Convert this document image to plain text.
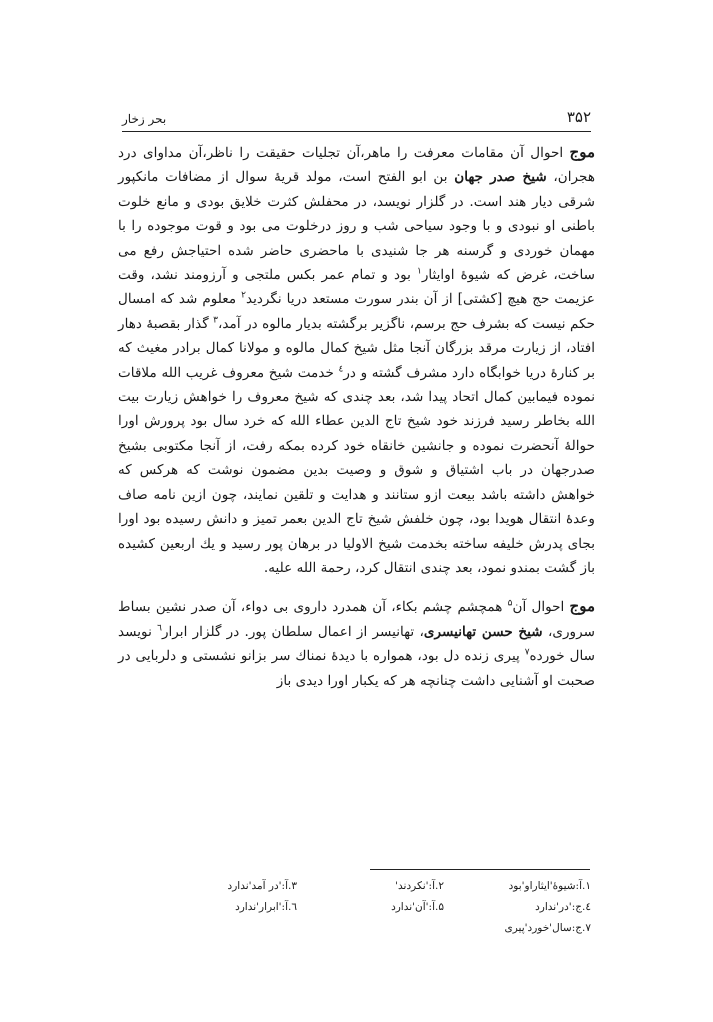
۳۵۲
بحر زخار

موج احوال آن مقامات معرفت را ماهر،آن تجلیات حقیقت را ناظر،آن مداوای درد هجران، شیخ صدر جهان بن ابو الفتح است، مولد قریهٔ سوال از مضافات مانکپور شرقی دیار هند است. در گلزار نویسد، در محفلش کثرت خلایق بودی و مانع خلوت باطنی او نبودی و با وجود سیاحی شب و روز درخلوت می بود و قوت موجوده را با مهمان خوردی و گرسنه هر جا شنیدی با ماحضری حاضر شده احتیاجش رفع می ساخت، غرض که شیوهٔ اوایثار$^۱$ بود و تمام عمر بکس ملتجی و آرزومند نشد، وقت عزیمت حج هیچ [کشتی] از آن بندر سورت مستعد دریا نگردید$^۲$ معلوم شد که امسال حکم نیست که بشرف حج برسم، ناگزیر برگشته بدیار مالوه در آمد،$^۳$ گذار بقصبهٔ دهار افتاد، از زیارت مرقد بزرگان آنجا مثل شیخ کمال مالوه و مولانا کمال برادر مغیث که بر کنارهٔ دریا خوابگاه دارد مشرف گشته و در$^٤$ خدمت شیخ معروف غریب الله ملاقات نموده فیمابین کمال اتحاد پیدا شد، بعد چندی که شیخ معروف را خواهش زیارت بیت الله بخاطر رسید فرزند خود شیخ تاج الدین عطاء الله که خرد سال بود پرورش اورا حوالهٔ آنحضرت نموده و جانشین خانقاه خود کرده بمکه رفت، از آنجا مکتوبی بشیخ صدرجهان در باب اشتیاق و شوق و وصیت بدین مضمون نوشت که هرکس که خواهش داشته باشد بیعت ازو ستانند و هدایت و تلقین نمایند، چون ازین نامه صاف وعدهٔ انتقال هویدا بود، چون خلفش شیخ تاج الدین بعمر تمیز و دانش رسیده بود اورا بجای پدرش خلیفه ساخته بخدمت شیخ الاولیا در برهان پور رسید و یك اربعین کشیده باز گشت بمندو نمود، بعد چندی انتقال کرد، رحمة الله علیه.

موج احوال آن$^۵$ همچشم چشم بکاء، آن همدرد داروی بی دواء، آن صدر نشین بساط سروری، شیخ حسن تهانیسری، تهانیسر از اعمال سلطان پور. در گلزار ابرار$^٦$ نویسد سال خورده$^۷$ پیری زنده دل بود، همواره با دیدهٔ نمناك سر بزانو نشستی و دلربایی در صحبت او آشنایی داشت چنانچه هر که یکبار اورا دیدی باز

۱.آ:شیوهٔ'ایثاراو'بود
۲.آ:'نکردند'
۳.آ:'در آمد'ندارد
٤.ج:'در'ندارد
۵.آ:'آن'ندارد
٦.آ:'ابرار'ندارد
۷.ج:سال'خورد'پیری
